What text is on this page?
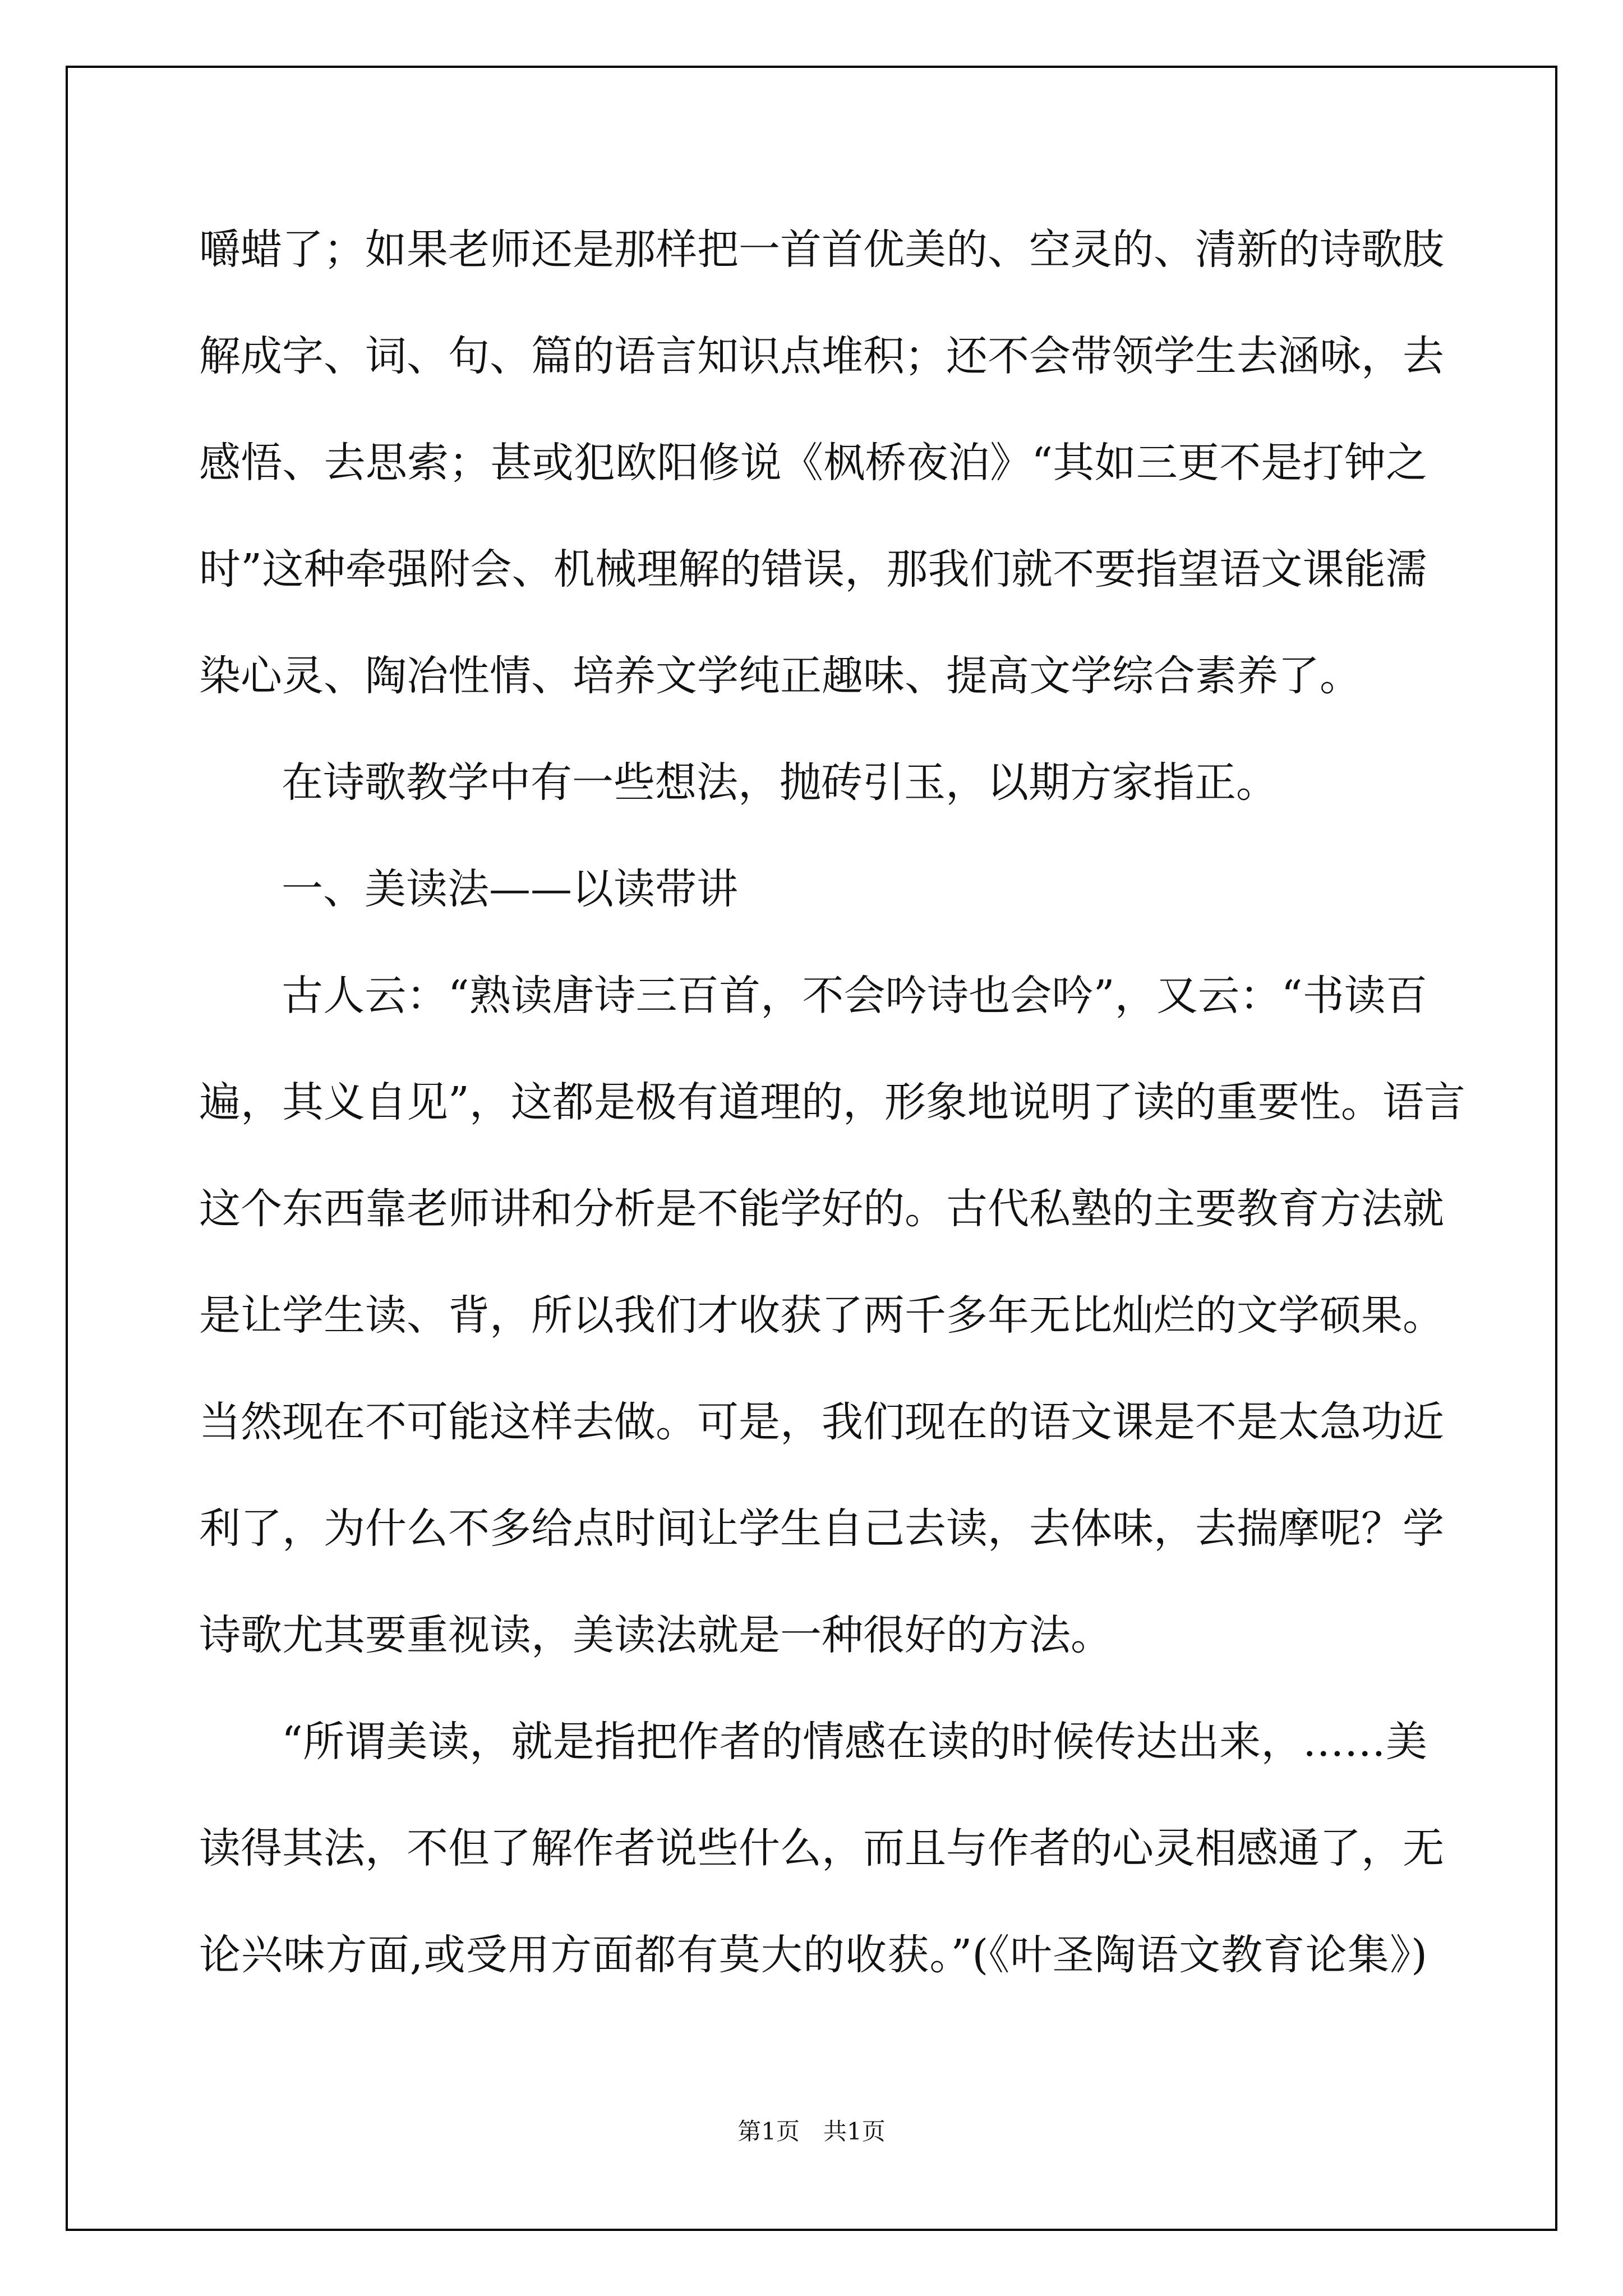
嚼蜡了；如果老师还是那样把一首首优美的、空灵的、清新的诗歌肢
解成字、词、句、篇的语言知识点堆积；还不会带领学生去涵咏，去
感悟、去思索；甚或犯欧阳修说《枫桥夜泊》“其如三更不是打钟之
时”这种牵强附会、机械理解的错误，那我们就不要指望语文课能濡
染心灵、陶冶性情、培养文学纯正趣味、提高文学综合素养了。
在诗歌教学中有一些想法，抛砖引玉，以期方家指正。
一、美读法——以读带讲
古人云：“熟读唐诗三百首，不会吟诗也会吟”，又云：“书读百
遍，其义自见”，这都是极有道理的，形象地说明了读的重要性。语言
这个东西靠老师讲和分析是不能学好的。古代私塾的主要教育方法就
是让学生读、背，所以我们才收获了两千多年无比灿烂的文学硕果。
当然现在不可能这样去做。可是，我们现在的语文课是不是太急功近
利了，为什么不多给点时间让学生自己去读，去体味，去揣摩呢？学
诗歌尤其要重视读，美读法就是一种很好的方法。
“所谓美读，就是指把作者的情感在读的时候传达出来，……美
读得其法，不但了解作者说些什么，而且与作者的心灵相感通了，无
论兴味方面,或受用方面都有莫大的收获。”(《叶圣陶语文教育论集》)
第1页　共1页
